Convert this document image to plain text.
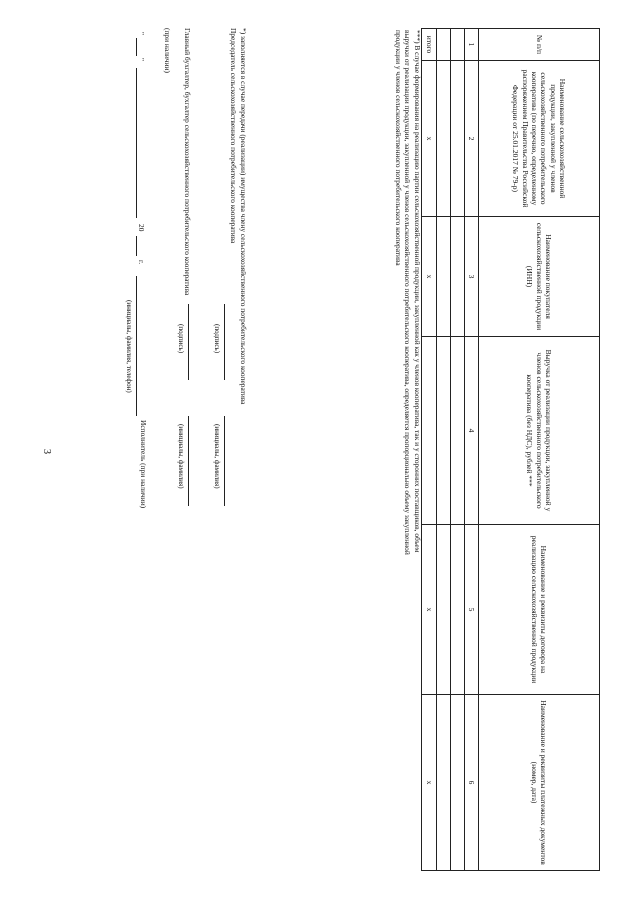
3
№ п/п	Наименование сельскохозяйственной продукции, закупленной у членов сельскохозяйственного потребительского кооператива (по перечню, определенному распоряжением Правительства Российской Федерации от 25.01.2017 № 79-р)	Наименование покупателя сельскохозяйственной продукции (ИНН)	Выручка от реализации продукции, закупленной у членов сельскохозяйственного потребительского кооператива (без НДС), рублей ***	Наименование и реквизиты договора на реализацию сельскохозяйственной продукции	Наименование и реквизиты платежных документов (номер, дата)
1	2	3	4	5	6

итого	х	х		х	х
***) В случае формирования на реализацию партии сельскохозяйственной продукции, закупленной как у членов кооператива, так и у сторонних поставщиков, объем выручки от реализации продукции, закупленной у членов сельскохозяйственного потребительского кооператива, определяется пропорционально объему закупленной продукции у членов сельскохозяйственного потребительского кооператива
*) заполняется в случае передачи (реализации) имущества члену сельскохозяйственного потребительского кооператива
Председатель сельскохозяйственного потребительского кооператива
(подпись)
(инициалы, фамилия)
Главный бухгалтер, бухгалтер сельскохозяйственного потребительского кооператива
(при наличии)
(подпись)
(инициалы, фамилия)
"
"
20
г.
(инициалы, фамилия, телефон)
Исполнитель (при наличии)
